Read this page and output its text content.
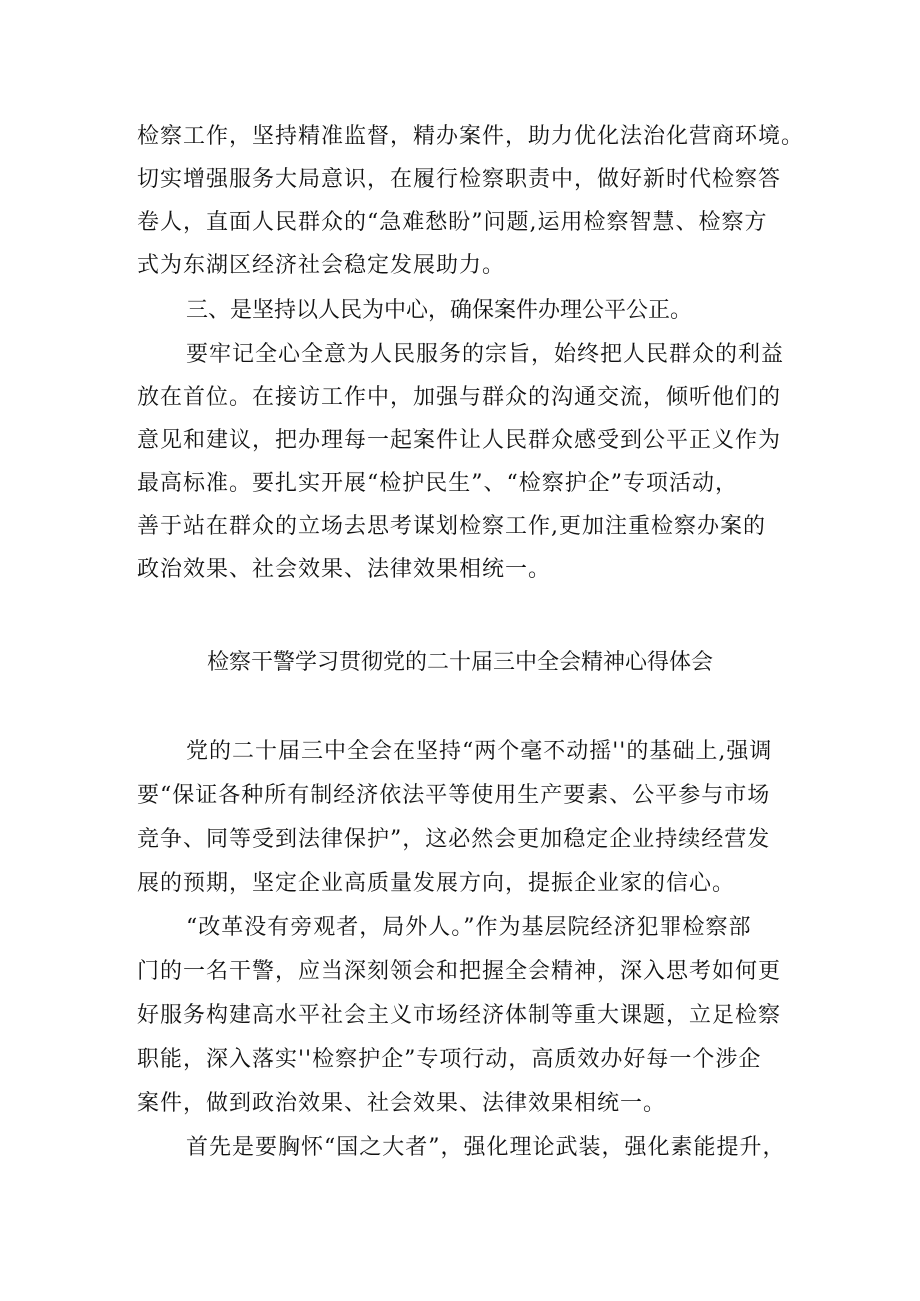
检察工作，坚持精准监督，精办案件，助力优化法治化营商环境。
切实增强服务大局意识，在履行检察职责中，做好新时代检察答
卷人，直面人民群众的“急难愁盼”问题,运用检察智慧、检察方
式为东湖区经济社会稳定发展助力。
三、是坚持以人民为中心，确保案件办理公平公正。
要牢记全心全意为人民服务的宗旨，始终把人民群众的利益
放在首位。在接访工作中，加强与群众的沟通交流，倾听他们的
意见和建议，把办理每一起案件让人民群众感受到公平正义作为
最高标准。要扎实开展“检护民生”、“检察护企”专项活动，
善于站在群众的立场去思考谋划检察工作,更加注重检察办案的
政治效果、社会效果、法律效果相统一。
检察干警学习贯彻党的二十届三中全会精神心得体会
党的二十届三中全会在坚持“两个毫不动摇''的基础上,强调
要“保证各种所有制经济依法平等使用生产要素、公平参与市场
竞争、同等受到法律保护”，这必然会更加稳定企业持续经营发
展的预期，坚定企业高质量发展方向，提振企业家的信心。
“改革没有旁观者，局外人。”作为基层院经济犯罪检察部
门的一名干警，应当深刻领会和把握全会精神，深入思考如何更
好服务构建高水平社会主义市场经济体制等重大课题，立足检察
职能，深入落实''检察护企”专项行动，高质效办好每一个涉企
案件，做到政治效果、社会效果、法律效果相统一。
首先是要胸怀“国之大者”，强化理论武装，强化素能提升，
